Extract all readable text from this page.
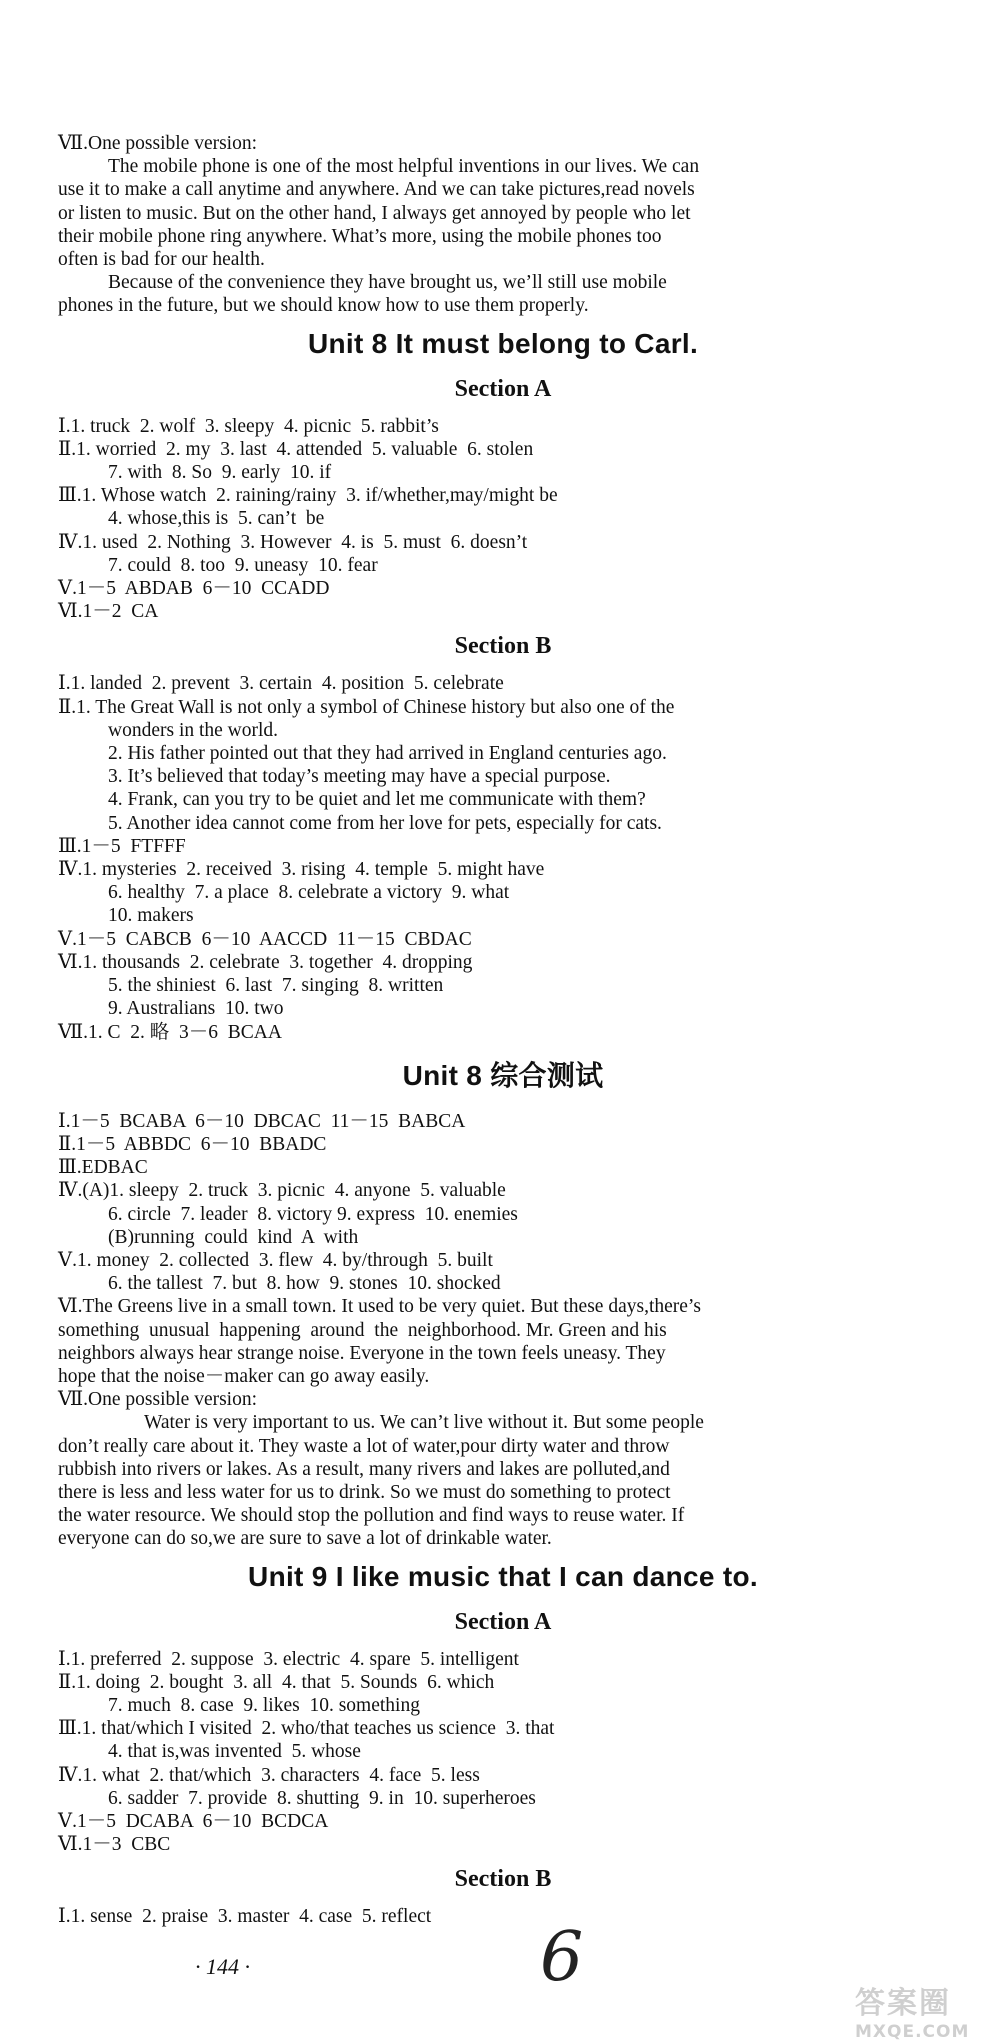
Ⅶ.One possible version:
The mobile phone is one of the most helpful inventions in our lives. We can
use it to make a call anytime and anywhere. And we can take pictures,read novels
or listen to music. But on the other hand, I always get annoyed by people who let
their mobile phone ring anywhere. What’s more, using the mobile phones too
often is bad for our health.
Because of the convenience they have brought us, we’ll still use mobile
phones in the future, but we should know how to use them properly.
Unit 8 It must belong to Carl.
Section A
Ⅰ.1. truck  2. wolf  3. sleepy  4. picnic  5. rabbit’s
Ⅱ.1. worried  2. my  3. last  4. attended  5. valuable  6. stolen
7. with  8. So  9. early  10. if
Ⅲ.1. Whose watch  2. raining/rainy  3. if/whether,may/might be
4. whose,this is  5. can’t  be
Ⅳ.1. used  2. Nothing  3. However  4. is  5. must  6. doesn’t
7. could  8. too  9. uneasy  10. fear
Ⅴ.1－5  ABDAB  6－10  CCADD
Ⅵ.1－2  CA
Section B
Ⅰ.1. landed  2. prevent  3. certain  4. position  5. celebrate
Ⅱ.1. The Great Wall is not only a symbol of Chinese history but also one of the
wonders in the world.
2. His father pointed out that they had arrived in England centuries ago.
3. It’s believed that today’s meeting may have a special purpose.
4. Frank, can you try to be quiet and let me communicate with them?
5. Another idea cannot come from her love for pets, especially for cats.
Ⅲ.1－5  FTFFF
Ⅳ.1. mysteries  2. received  3. rising  4. temple  5. might have
6. healthy  7. a place  8. celebrate a victory  9. what
10. makers
Ⅴ.1－5  CABCB  6－10  AACCD  11－15  CBDAC
Ⅵ.1. thousands  2. celebrate  3. together  4. dropping
5. the shiniest  6. last  7. singing  8. written
9. Australians  10. two
Ⅶ.1. C  2. 略  3－6  BCAA
Unit 8 综合测试
Ⅰ.1－5  BCABA  6－10  DBCAC  11－15  BABCA
Ⅱ.1－5  ABBDC  6－10  BBADC
Ⅲ.EDBAC
Ⅳ.(A)1. sleepy  2. truck  3. picnic  4. anyone  5. valuable
6. circle  7. leader  8. victory 9. express  10. enemies
(B)running  could  kind  A  with
Ⅴ.1. money  2. collected  3. flew  4. by/through  5. built
6. the tallest  7. but  8. how  9. stones  10. shocked
Ⅵ.The Greens live in a small town. It used to be very quiet. But these days,there’s
something  unusual  happening  around  the  neighborhood. Mr. Green and his
neighbors always hear strange noise. Everyone in the town feels uneasy. They
hope that the noise－maker can go away easily.
Ⅶ.One possible version:
Water is very important to us. We can’t live without it. But some people
don’t really care about it. They waste a lot of water,pour dirty water and throw
rubbish into rivers or lakes. As a result, many rivers and lakes are polluted,and
there is less and less water for us to drink. So we must do something to protect
the water resource. We should stop the pollution and find ways to reuse water. If
everyone can do so,we are sure to save a lot of drinkable water.
Unit 9 I like music that I can dance to.
Section A
Ⅰ.1. preferred  2. suppose  3. electric  4. spare  5. intelligent
Ⅱ.1. doing  2. bought  3. all  4. that  5. Sounds  6. which
7. much  8. case  9. likes  10. something
Ⅲ.1. that/which I visited  2. who/that teaches us science  3. that
4. that is,was invented  5. whose
Ⅳ.1. what  2. that/which  3. characters  4. face  5. less
6. sadder  7. provide  8. shutting  9. in  10. superheroes
Ⅴ.1－5  DCABA  6－10  BCDCA
Ⅵ.1－3  CBC
Section B
Ⅰ.1. sense  2. praise  3. master  4. case  5. reflect
· 144 ·	6
答案圈
MXQE.COM
